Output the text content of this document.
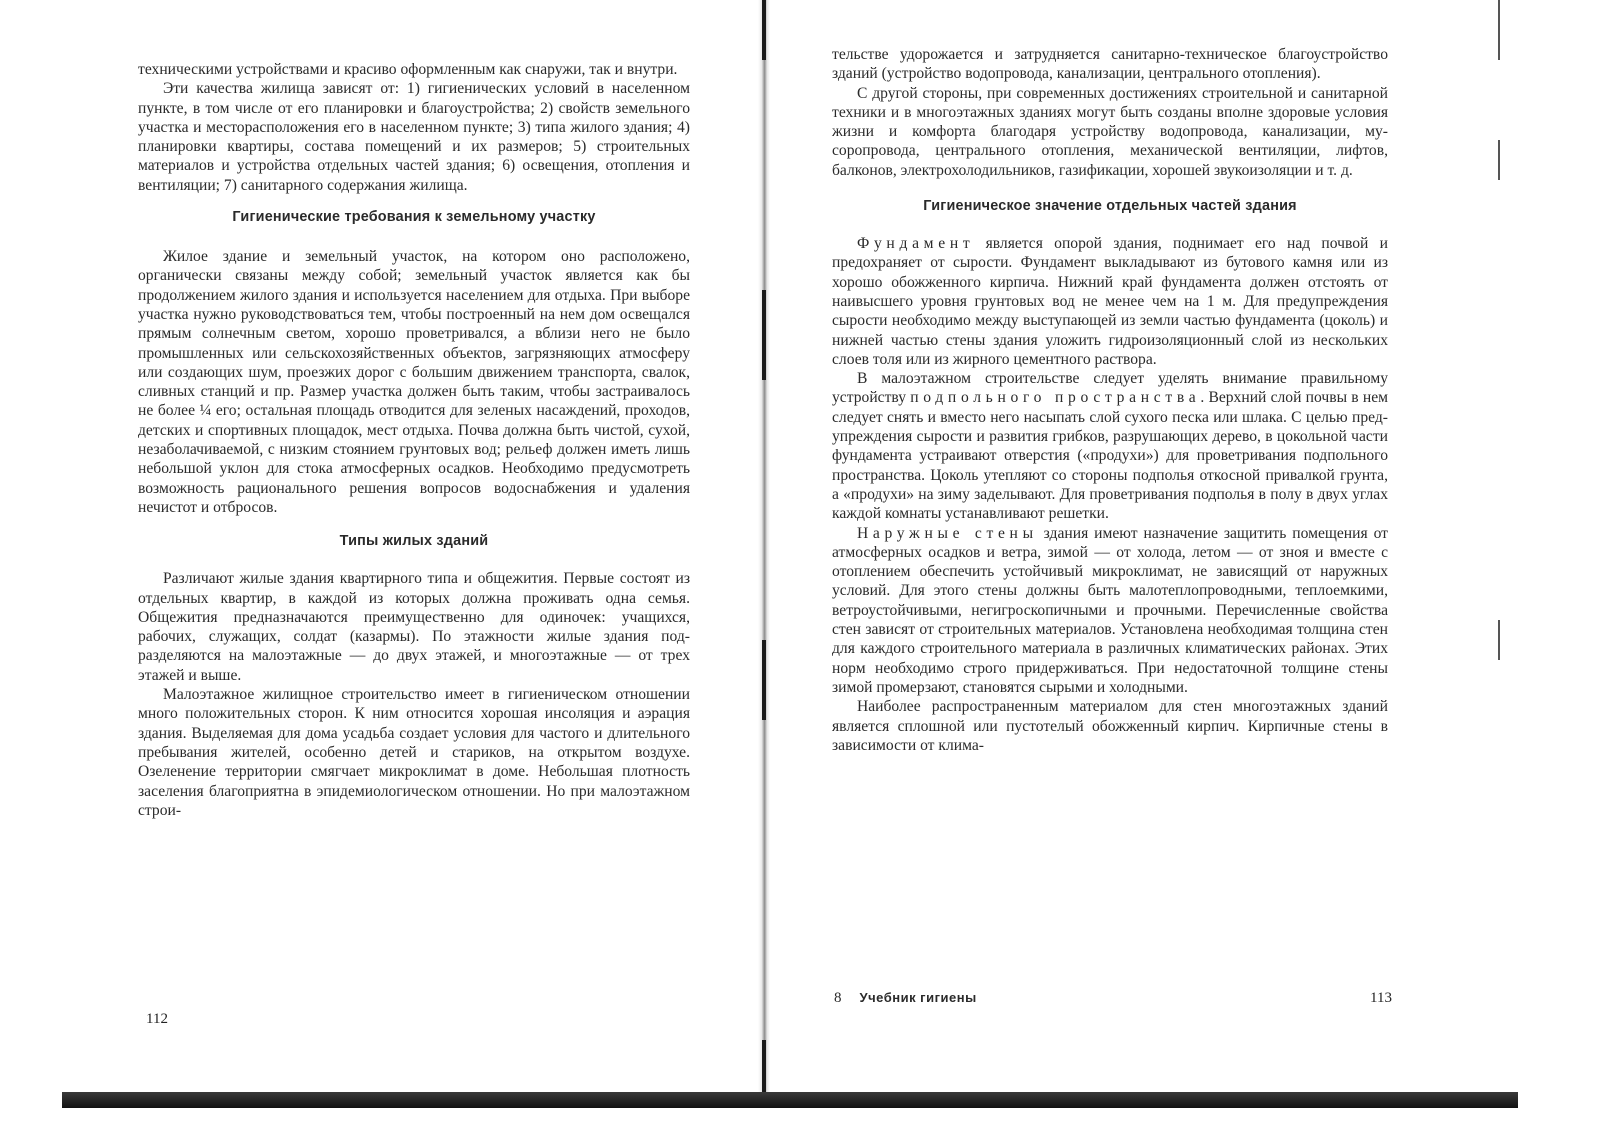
техническими устройствами и красиво оформленным как снаружи, так и внутри.

Эти качества жилища зависят от: 1) гигиенических условий в населенном пункте, в том числе от его планировки и благоустройства; 2) свойств земельного участка и месторасположения его в населенном пункте; 3) типа жилого здания; 4) планировки квартиры, состава помещений и их размеров; 5) строительных материалов и устройства отдельных частей здания; 6) освещения, отопления и вентиляции; 7) санитарного содержания жилища.

Гигиенические требования к земельному участку

Жилое здание и земельный участок, на котором оно расположено, органически связаны между собой; земельный участок является как бы продолжением жилого здания и используется населением для отдыха. При выборе участка нужно руководствоваться тем, чтобы построенный на нем дом освещался прямым солнечным светом, хорошо проветривался, а вблизи него не было промышленных или сельскохозяйственных объектов, загрязняющих атмосферу или создающих шум, проезжих дорог с большим движением транспорта, свалок, сливных станций и пр. Размер участка должен быть таким, чтобы застраивалось не более ¼ его; остальная площадь отводится для зеленых насаждений, проходов, детских и спортивных площадок, мест отдыха. Почва должна быть чистой, сухой, незаболачиваемой, с низким стоянием грунтовых вод; рельеф должен иметь лишь небольшой уклон для стока атмосферных осадков. Необходимо предусмотреть возможность рационального решения вопросов водоснабжения и удаления нечистот и отбросов.

Типы жилых зданий

Различают жилые здания квартирного типа и общежития. Первые состоят из отдельных квартир, в каждой из которых должна проживать одна семья. Общежития предназначаются преимущественно для одиночек: учащихся, рабочих, служащих, солдат (казармы). По этажности жилые здания подразделяются на малоэтажные — до двух этажей, и многоэтажные — от трех этажей и выше.

Малоэтажное жилищное строительство имеет в гигиеническом отношении много положительных сторон. К ним относится хорошая инсоляция и аэрация здания. Выделяемая для дома усадьба создает условия для частого и длительного пребывания жителей, особенно детей и стариков, на открытом воздухе. Озеленение территории смягчает микроклимат в доме. Небольшая плотность заселения благоприятна в эпидемиологическом отношении. Но при малоэтажном строи-

112

тельстве удорожается и затрудняется санитарно-техническое благоустройство зданий (устройство водопровода, канализации, центрального отопления).

С другой стороны, при современных достижениях строительной и санитарной техники и в многоэтажных зданиях могут быть созданы вполне здоровые условия жизни и комфорта благодаря устройству водопровода, канализации, мусоропровода, центрального отопления, механической вентиляции, лифтов, балконов, электрохолодильников, газификации, хорошей звукоизоляции и т. д.

Гигиеническое значение отдельных частей здания

Фундамент является опорой здания, поднимает его над почвой и предохраняет от сырости. Фундамент выкладывают из бутового камня или из хорошо обожженного кирпича. Нижний край фундамента должен отстоять от наивысшего уровня грунтовых вод не менее чем на 1 м. Для предупреждения сырости необходимо между выступающей из земли частью фундамента (цоколь) и нижней частью стены здания уложить гидроизоляционный слой из нескольких слоев толя или из жирного цементного раствора.

В малоэтажном строительстве следует уделять внимание правильному устройству подпольного пространства. Верхний слой почвы в нем следует снять и вместо него насыпать слой сухого песка или шлака. С целью предупреждения сырости и развития грибков, разрушающих дерево, в цокольной части фундамента устраивают отверстия («продухи») для проветривания подпольного пространства. Цоколь утепляют со стороны подполья откосной привалкой грунта, а «продухи» на зиму заделывают. Для проветривания подполья в полу в двух углах каждой комнаты устанавливают решетки.

Наружные стены здания имеют назначение защитить помещения от атмосферных осадков и ветра, зимой — от холода, летом — от зноя и вместе с отоплением обеспечить устойчивый микроклимат, не зависящий от наружных условий. Для этого стены должны быть малотеплопроводными, теплоемкими, ветроустойчивыми, негигроскопичными и прочными. Перечисленные свойства стен зависят от строительных материалов. Установлена необходимая толщина стен для каждого строительного материала в различных климатических районах. Этих норм необходимо строго придерживаться. При недостаточной толщине стены зимой промерзают, становятся сырыми и холодными.

Наиболее распространенным материалом для стен многоэтажных зданий является сплошной или пустотелый обожженный кирпич. Кирпичные стены в зависимости от клима-

8 Учебник гигиены	113
